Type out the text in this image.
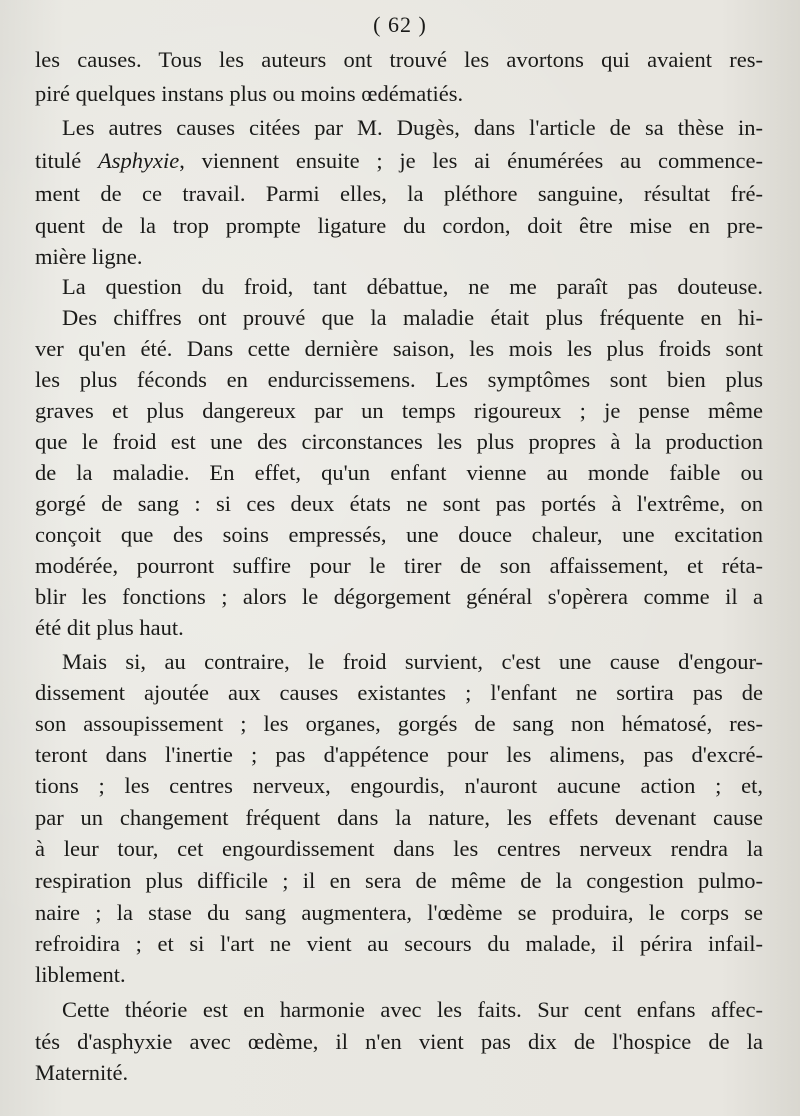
( 62 )
les causes. Tous les auteurs ont trouvé les avortons qui avaient res-
piré quelques instans plus ou moins œdématiés.
Les autres causes citées par M. Dugès, dans l'article de sa thèse in-
titulé Asphyxie, viennent ensuite ; je les ai énumérées au commence-
ment de ce travail. Parmi elles, la pléthore sanguine, résultat fré-
quent de la trop prompte ligature du cordon, doit être mise en pre-
mière ligne.
La question du froid, tant débattue, ne me paraît pas douteuse.
Des chiffres ont prouvé que la maladie était plus fréquente en hi-
ver qu'en été. Dans cette dernière saison, les mois les plus froids sont
les plus féconds en endurcissemens. Les symptômes sont bien plus
graves et plus dangereux par un temps rigoureux ; je pense même
que le froid est une des circonstances les plus propres à la production
de la maladie. En effet, qu'un enfant vienne au monde faible ou
gorgé de sang : si ces deux états ne sont pas portés à l'extrême, on
conçoit que des soins empressés, une douce chaleur, une excitation
modérée, pourront suffire pour le tirer de son affaissement, et réta-
blir les fonctions ; alors le dégorgement général s'opèrera comme il a
été dit plus haut.
Mais si, au contraire, le froid survient, c'est une cause d'engour-
dissement ajoutée aux causes existantes ; l'enfant ne sortira pas de
son assoupissement ; les organes, gorgés de sang non hématosé, res-
teront dans l'inertie ; pas d'appétence pour les alimens, pas d'excré-
tions ; les centres nerveux, engourdis, n'auront aucune action ; et,
par un changement fréquent dans la nature, les effets devenant cause
à leur tour, cet engourdissement dans les centres nerveux rendra la
respiration plus difficile ; il en sera de même de la congestion pulmo-
naire ; la stase du sang augmentera, l'œdème se produira, le corps se
refroidira ; et si l'art ne vient au secours du malade, il périra infail-
liblement.
Cette théorie est en harmonie avec les faits. Sur cent enfans affec-
tés d'asphyxie avec œdème, il n'en vient pas dix de l'hospice de la
Maternité.
